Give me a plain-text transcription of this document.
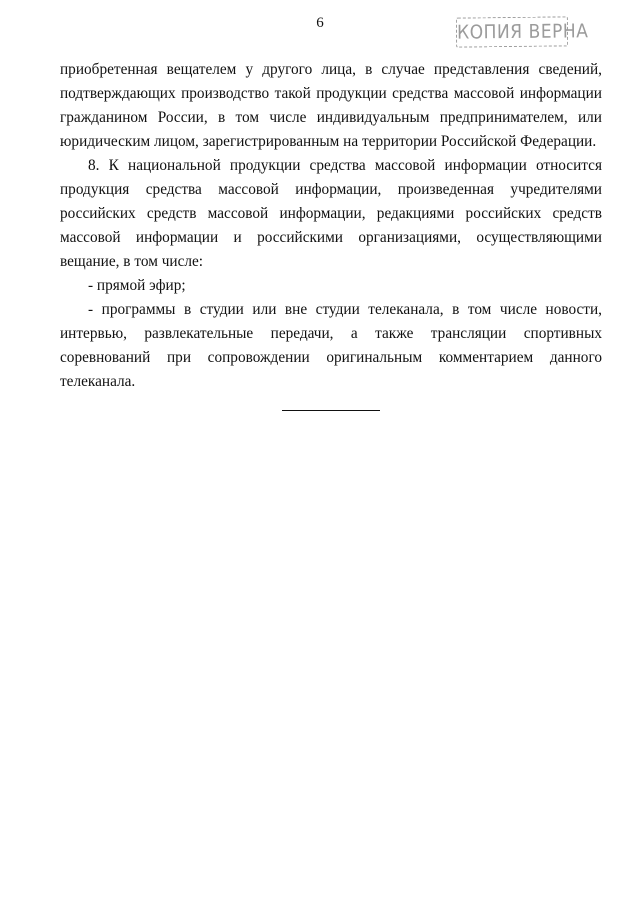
6	КОПИЯ ВЕРНА

приобретенная вещателем у другого лица, в случае представления сведений, подтверждающих производство такой продукции средства массовой информации гражданином России, в том числе индивидуальным предпринимателем, или юридическим лицом, зарегистрированным на территории Российской Федерации.

8. К национальной продукции средства массовой информации относится продукция средства массовой информации, произведенная учредителями российских средств массовой информации, редакциями российских средств массовой информации и российскими организациями, осуществляющими вещание, в том числе:

- прямой эфир;

- программы в студии или вне студии телеканала, в том числе новости, интервью, развлекательные передачи, а также трансляции спортивных соревнований при сопровождении оригинальным комментарием данного телеканала.
